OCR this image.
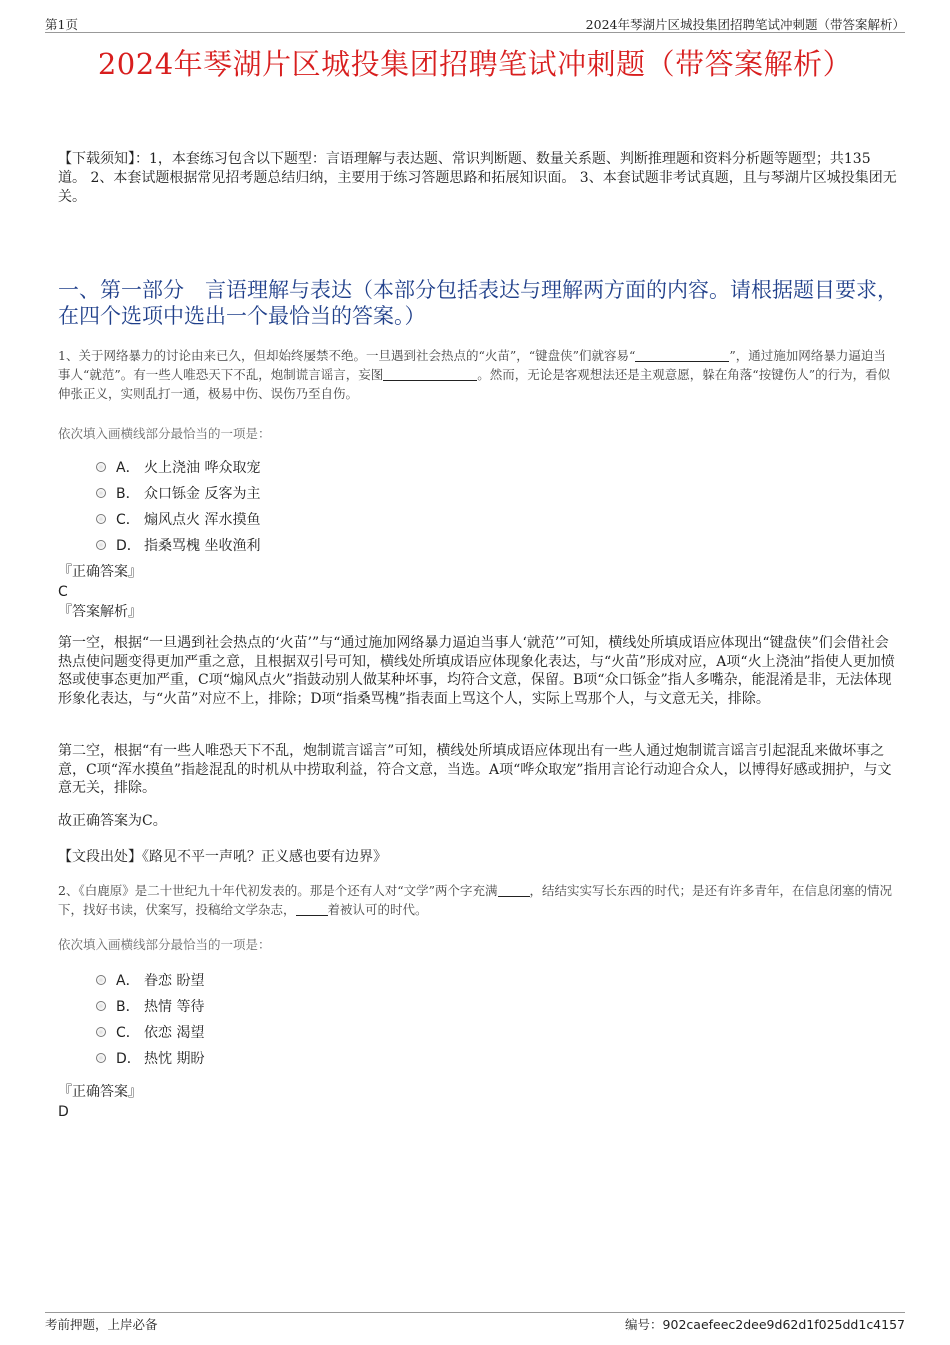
第1页	2024年琴湖片区城投集团招聘笔试冲刺题（带答案解析）
2024年琴湖片区城投集团招聘笔试冲刺题（带答案解析）
【下载须知】：1，本套练习包含以下题型：言语理解与表达题、常识判断题、数量关系题、判断推理题和资料分析题等题型；共135道。 2、本套试题根据常见招考题总结归纳，主要用于练习答题思路和拓展知识面。 3、本套试题非考试真题，且与琴湖片区城投集团无关。
一、第一部分　言语理解与表达（本部分包括表达与理解两方面的内容。请根据题目要求，在四个选项中选出一个最恰当的答案。）
1、关于网络暴力的讨论由来已久，但却始终屡禁不绝。一旦遇到社会热点的“火苗”，“键盘侠”们就容易“	”，通过施加网络暴力逼迫当事人“就范”。有一些人唯恐天下不乱，炮制谎言谣言，妄图	。然而，无论是客观想法还是主观意愿，躲在角落“按键伤人”的行为，看似伸张正义，实则乱打一通，极易中伤、误伤乃至自伤。
依次填入画横线部分最恰当的一项是：
A． 火上浇油 哗众取宠
B． 众口铄金 反客为主
C． 煽风点火 浑水摸鱼
D． 指桑骂槐 坐收渔利
『正确答案』
C
『答案解析』
第一空，根据“一旦遇到社会热点的‘火苗’”与“通过施加网络暴力逼迫当事人‘就范’”可知，横线处所填成语应体现出“键盘侠”们会借社会热点使问题变得更加严重之意，且根据双引号可知，横线处所填成语应体现象化表达，与“火苗”形成对应，A项“火上浇油”指使人更加愤怒或使事态更加严重，C项“煽风点火”指鼓动别人做某种坏事，均符合文意，保留。B项“众口铄金”指人多嘴杂，能混淆是非，无法体现形象化表达，与“火苗”对应不上，排除；D项“指桑骂槐”指表面上骂这个人，实际上骂那个人，与文意无关，排除。
第二空，根据“有一些人唯恐天下不乱，炮制谎言谣言”可知，横线处所填成语应体现出有一些人通过炮制谎言谣言引起混乱来做坏事之意，C项“浑水摸鱼”指趁混乱的时机从中捞取利益，符合文意，当选。A项“哗众取宠”指用言论行动迎合众人，以博得好感或拥护，与文意无关，排除。
故正确答案为C。
【文段出处】《路见不平一声吼？正义感也要有边界》
2、《白鹿原》是二十世纪九十年代初发表的。那是个还有人对“文学”两个字充满	，结结实实写长东西的时代；是还有许多青年，在信息闭塞的情况下，找好书读，伏案写，投稿给文学杂志，	着被认可的时代。
依次填入画横线部分最恰当的一项是：
A． 眷恋 盼望
B． 热情 等待
C． 依恋 渴望
D． 热忱 期盼
『正确答案』
D
考前押题，上岸必备	编号：902caefeec2dee9d62d1f025dd1c4157
